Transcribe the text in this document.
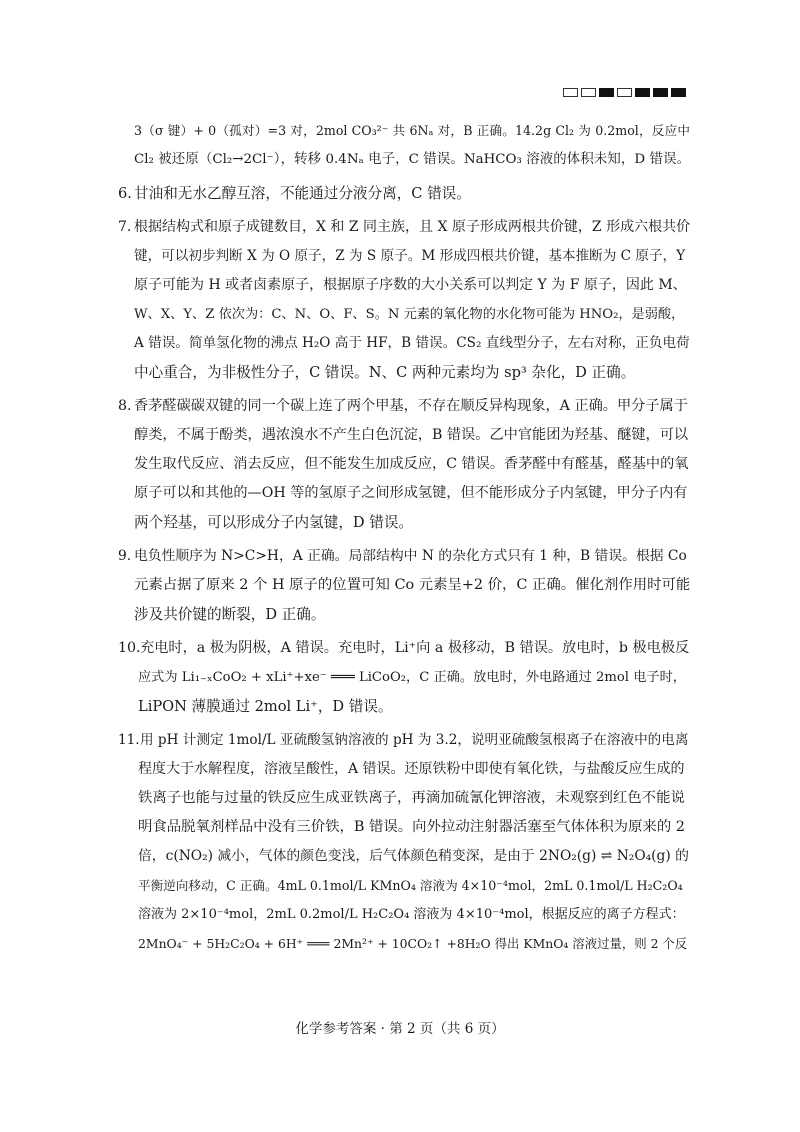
3（σ 键）+ 0（孤对）=3 对，2mol CO₃²⁻ 共 6Nₐ 对，B 正确。14.2g Cl₂ 为 0.2mol，反应中
Cl₂ 被还原（Cl₂→2Cl⁻），转移 0.4Nₐ 电子，C 错误。NaHCO₃ 溶液的体积未知，D 错误。
6. 甘油和无水乙醇互溶，不能通过分液分离，C 错误。
7. 根据结构式和原子成键数目，X 和 Z 同主族，且 X 原子形成两根共价键，Z 形成六根共价
键，可以初步判断 X 为 O 原子，Z 为 S 原子。M 形成四根共价键，基本推断为 C 原子，Y
原子可能为 H 或者卤素原子，根据原子序数的大小关系可以判定 Y 为 F 原子，因此 M、
W、X、Y、Z 依次为：C、N、O、F、S。N 元素的氧化物的水化物可能为 HNO₂，是弱酸，
A 错误。简单氢化物的沸点 H₂O 高于 HF，B 错误。CS₂ 直线型分子，左右对称，正负电荷
中心重合，为非极性分子，C 错误。N、C 两种元素均为 sp³ 杂化，D 正确。
8. 香茅醛碳碳双键的同一个碳上连了两个甲基，不存在顺反异构现象，A 正确。甲分子属于
醇类，不属于酚类，遇浓溴水不产生白色沉淀，B 错误。乙中官能团为羟基、醚键，可以
发生取代反应、消去反应，但不能发生加成反应，C 错误。香茅醛中有醛基，醛基中的氧
原子可以和其他的—OH 等的氢原子之间形成氢键，但不能形成分子内氢键，甲分子内有
两个羟基，可以形成分子内氢键，D 错误。
9. 电负性顺序为 N>C>H，A 正确。局部结构中 N 的杂化方式只有 1 种，B 错误。根据 Co
元素占据了原来 2 个 H 原子的位置可知 Co 元素呈+2 价，C 正确。催化剂作用时可能
涉及共价键的断裂，D 正确。
10.充电时，a 极为阴极，A 错误。充电时，Li⁺向 a 极移动，B 错误。放电时，b 极电极反
应式为 Li₁₋ₓCoO₂ + xLi⁺+xe⁻ ═══ LiCoO₂，C 正确。放电时，外电路通过 2mol 电子时，
LiPON 薄膜通过 2mol Li⁺，D 错误。
11.用 pH 计测定 1mol/L 亚硫酸氢钠溶液的 pH 为 3.2，说明亚硫酸氢根离子在溶液中的电离
程度大于水解程度，溶液呈酸性，A 错误。还原铁粉中即使有氧化铁，与盐酸反应生成的
铁离子也能与过量的铁反应生成亚铁离子，再滴加硫氰化钾溶液，未观察到红色不能说
明食品脱氧剂样品中没有三价铁，B 错误。向外拉动注射器活塞至气体体积为原来的 2
倍，c(NO₂) 减小，气体的颜色变浅，后气体颜色稍变深，是由于 2NO₂(g) ⇌ N₂O₄(g) 的
平衡逆向移动，C 正确。4mL 0.1mol/L KMnO₄ 溶液为 4×10⁻⁴mol，2mL 0.1mol/L H₂C₂O₄
溶液为 2×10⁻⁴mol，2mL 0.2mol/L H₂C₂O₄ 溶液为 4×10⁻⁴mol，根据反应的离子方程式：
2MnO₄⁻ + 5H₂C₂O₄ + 6H⁺ ═══ 2Mn²⁺ + 10CO₂↑ +8H₂O 得出 KMnO₄ 溶液过量，则 2 个反
化学参考答案 · 第 2 页（共 6 页）
